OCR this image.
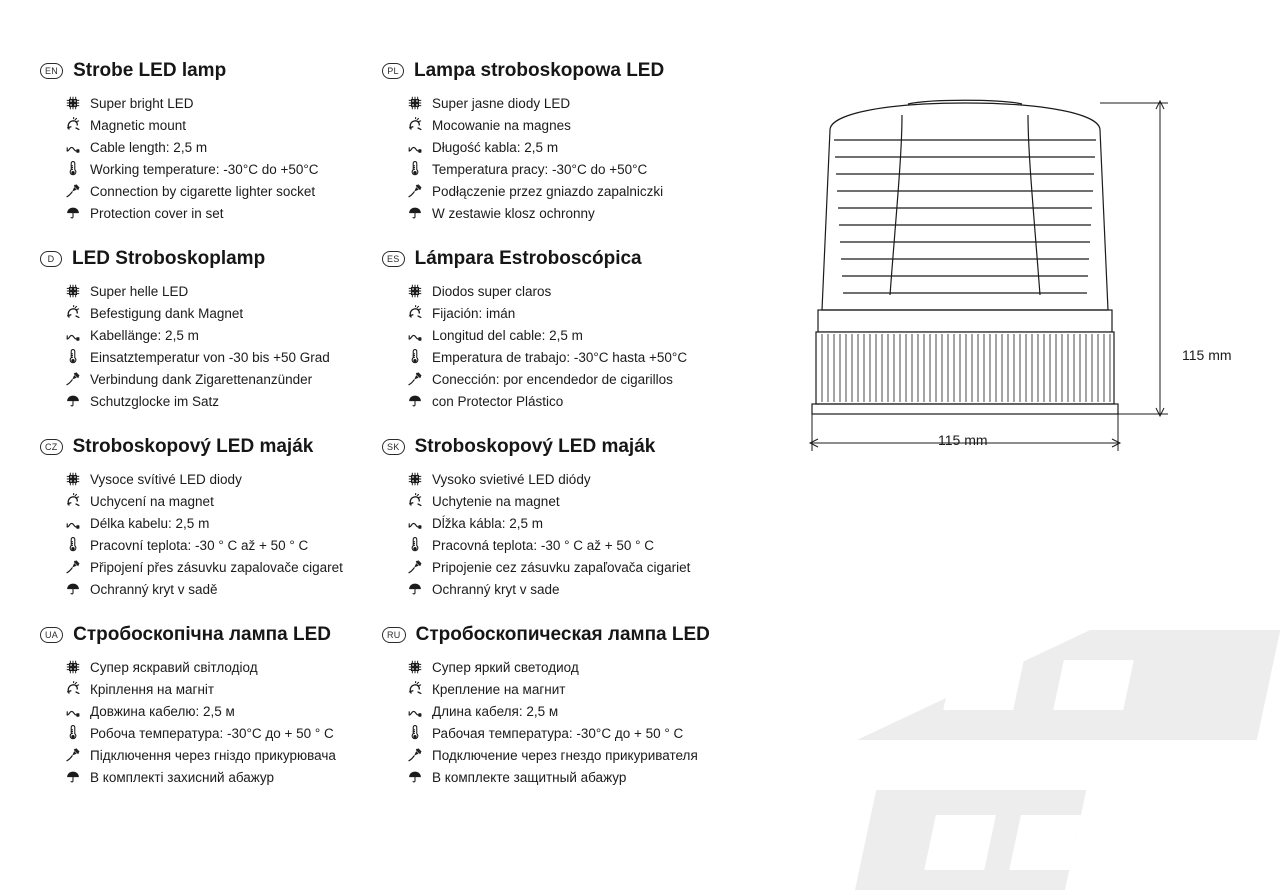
EN Strobe LED lamp
Super bright LED
Magnetic mount
Cable length: 2,5 m
Working temperature: -30°C do +50°C
Connection by cigarette lighter socket
Protection cover in set
PL Lampa stroboskopowa LED
Super jasne diody LED
Mocowanie na magnes
Długość kabla: 2,5 m
Temperatura pracy: -30°C do +50°C
Podłączenie przez gniazdo zapalniczki
W zestawie klosz ochronny
D LED Stroboskoplamp
Super helle LED
Befestigung dank Magnet
Kabellänge: 2,5 m
Einsatztemperatur von -30 bis +50 Grad
Verbindung dank Zigarettenanzünder
Schutzglocke im Satz
ES Lámpara Estroboscópica
Diodos super claros
Fijación: imán
Longitud del cable: 2,5 m
Emperatura de trabajo: -30°C hasta +50°C
Conección: por encendedor de cigarillos
con Protector Plástico
CZ Stroboskopový LED maják
Vysoce svítivé LED diody
Uchycení na magnet
Délka kabelu: 2,5 m
Pracovní teplota: -30 ° C až + 50 ° C
Připojení přes zásuvku zapalovače cigaret
Ochranný kryt v sadě
SK Stroboskopový LED maják
Vysoko svietivé LED diódy
Uchytenie na magnet
Dĺžka kábla: 2,5 m
Pracovná teplota: -30 ° C až + 50 ° C
Pripojenie cez zásuvku zapaľovača cigariet
Ochranný kryt v sade
UA Стробоскопічна лампа LED
Супер яскравий світлодіод
Кріплення на магніт
Довжина кабелю: 2,5 м
Робоча температура: -30°C до + 50 ° C
Підключення через гніздо прикурювача
В комплекті захисний абажур
RU Стробоскопическая лампа LED
Супер яркий светодиод
Крепление на магнит
Длина кабеля: 2,5 м
Рабочая температура: -30°C до + 50 ° C
Подключение через гнездо прикуривателя
В комплекте защитный абажур
115 mm
115 mm
